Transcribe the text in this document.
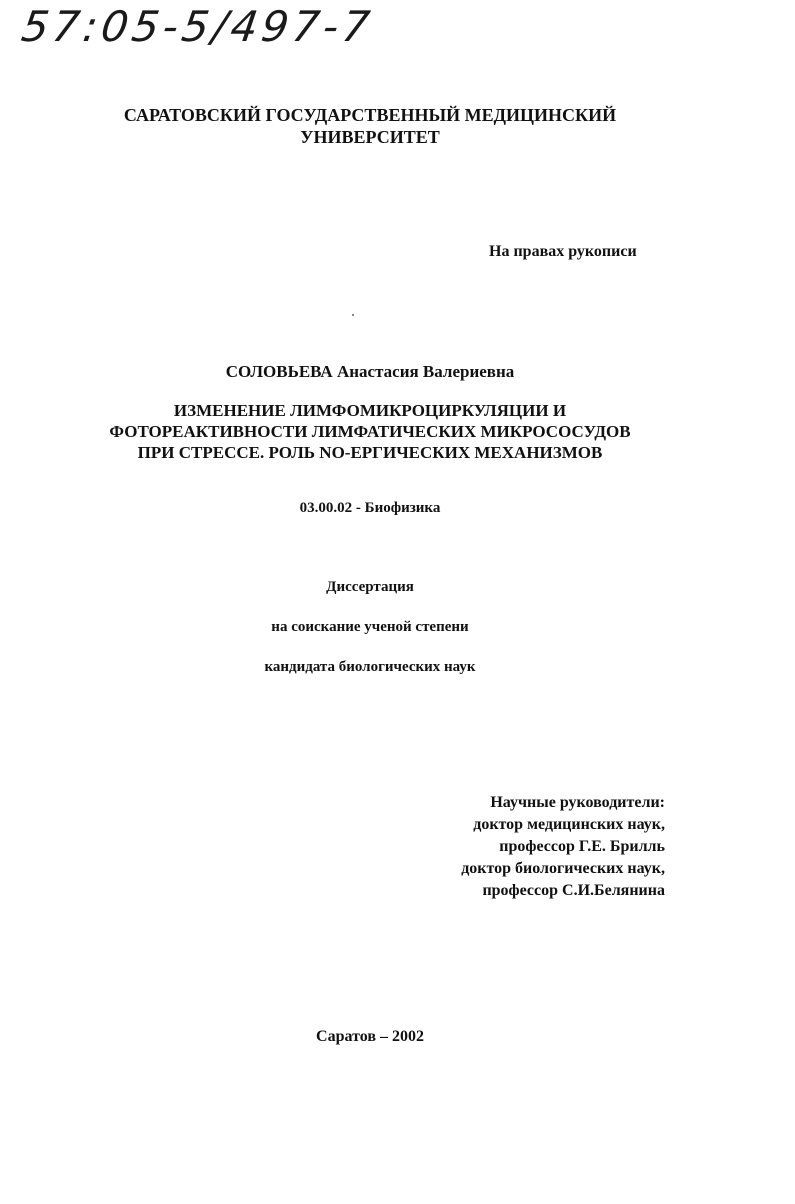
57:05-5/497-7
САРАТОВСКИЙ ГОСУДАРСТВЕННЫЙ МЕДИЦИНСКИЙ
УНИВЕРСИТЕТ
На правах рукописи
СОЛОВЬЕВА Анастасия Валериевна
ИЗМЕНЕНИЕ ЛИМФОМИКРОЦИРКУЛЯЦИИ И
ФОТОРЕАКТИВНОСТИ ЛИМФАТИЧЕСКИХ МИКРОСОСУДОВ
ПРИ СТРЕССЕ. РОЛЬ NO-ЕРГИЧЕСКИХ МЕХАНИЗМОВ
03.00.02 - Биофизика
Диссертация
на соискание ученой степени
кандидата биологических наук
Научные руководители:
доктор медицинских наук,
профессор Г.Е. Брилль
доктор биологических наук,
профессор С.И.Белянина
Саратов – 2002
